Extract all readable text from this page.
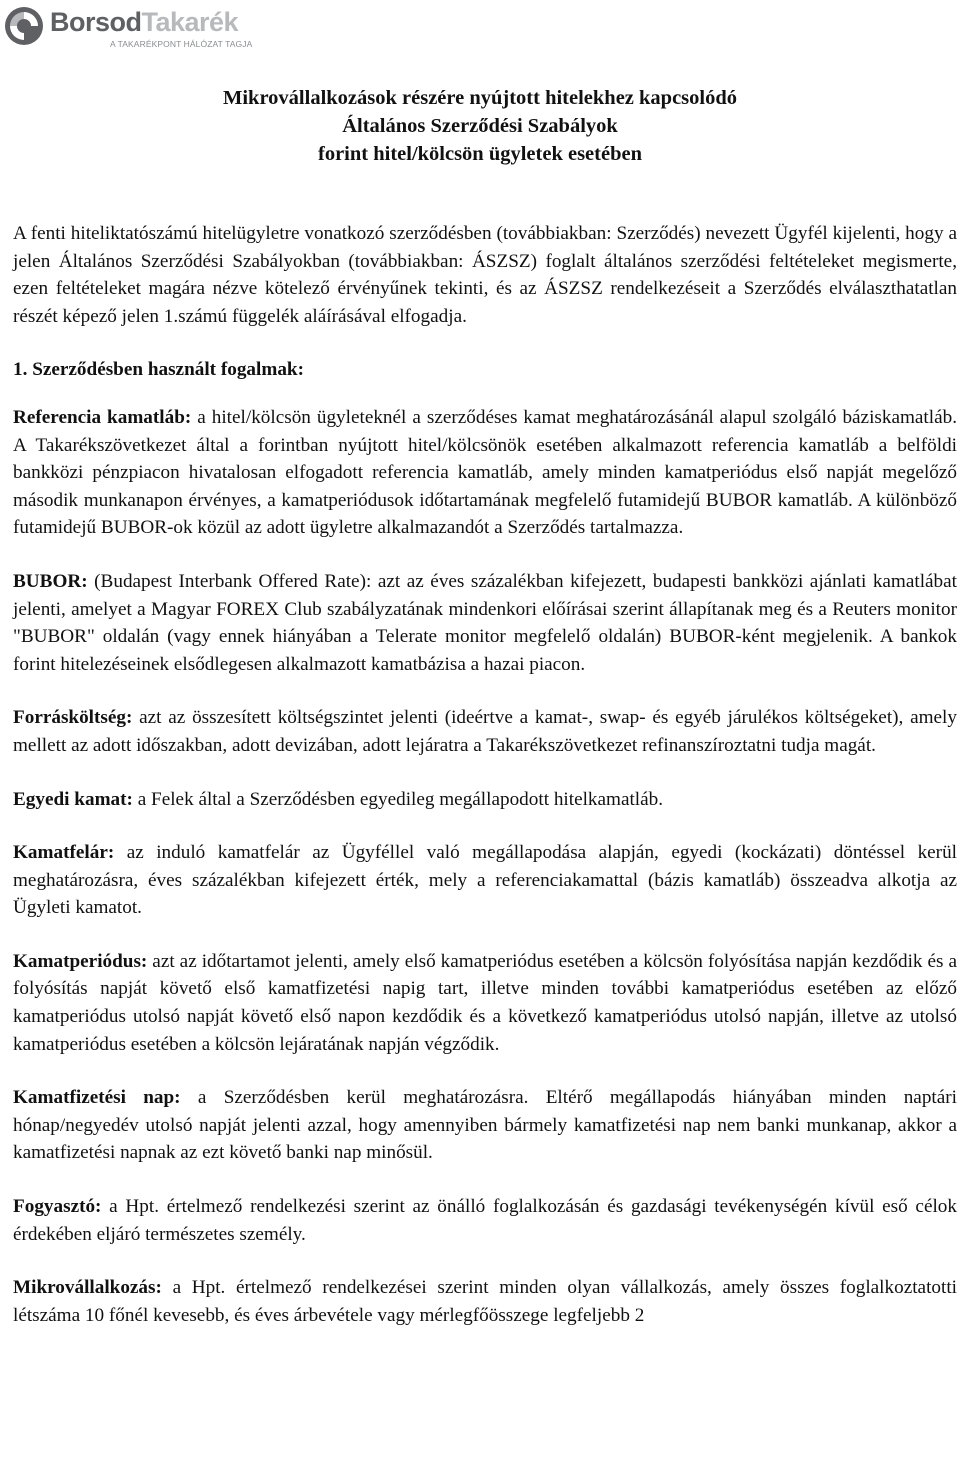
BorsodTakarék
A TAKARÉKPONT HÁLÓZAT TAGJA
Mikrovállalkozások részére nyújtott hitelekhez kapcsolódó
Általános Szerződési Szabályok
forint hitel/kölcsön ügyletek esetében

A fenti hiteliktatószámú hitelügyletre vonatkozó szerződésben (továbbiakban: Szerződés) nevezett Ügyfél kijelenti, hogy a jelen Általános Szerződési Szabályokban (továbbiakban: ÁSZSZ) foglalt általános szerződési feltételeket megismerte, ezen feltételeket magára nézve kötelező érvényűnek tekinti, és az ÁSZSZ rendelkezéseit a Szerződés elválaszthatatlan részét képező jelen 1.számú függelék aláírásával elfogadja.

1. Szerződésben használt fogalmak:

Referencia kamatláb: a hitel/kölcsön ügyleteknél a szerződéses kamat meghatározásánál alapul szolgáló báziskamatláb. A Takarékszövetkezet által a forintban nyújtott hitel/kölcsönök esetében alkalmazott referencia kamatláb a belföldi bankközi pénzpiacon hivatalosan elfogadott referencia kamatláb, amely minden kamatperiódus első napját megelőző második munkanapon érvényes, a kamatperiódusok időtartamának megfelelő futamidejű BUBOR kamatláb. A különböző futamidejű BUBOR-ok közül az adott ügyletre alkalmazandót a Szerződés tartalmazza.

BUBOR: (Budapest Interbank Offered Rate): azt az éves százalékban kifejezett, budapesti bankközi ajánlati kamatlábat jelenti, amelyet a Magyar FOREX Club szabályzatának mindenkori előírásai szerint állapítanak meg és a Reuters monitor "BUBOR" oldalán (vagy ennek hiányában a Telerate monitor megfelelő oldalán) BUBOR-ként megjelenik. A bankok forint hitelezéseinek elsődlegesen alkalmazott kamatbázisa a hazai piacon.

Forrásköltség: azt az összesített költségszintet jelenti (ideértve a kamat-, swap- és egyéb járulékos költségeket), amely mellett az adott időszakban, adott devizában, adott lejáratra a Takarékszövetkezet refinanszíroztatni tudja magát.

Egyedi kamat: a Felek által a Szerződésben egyedileg megállapodott hitelkamatláb.

Kamatfelár: az induló kamatfelár az Ügyféllel való megállapodása alapján, egyedi (kockázati) döntéssel kerül meghatározásra, éves százalékban kifejezett érték, mely a referenciakamattal (bázis kamatláb) összeadva alkotja az Ügyleti kamatot.

Kamatperiódus: azt az időtartamot jelenti, amely első kamatperiódus esetében a kölcsön folyósítása napján kezdődik és a folyósítás napját követő első kamatfizetési napig tart, illetve minden további kamatperiódus esetében az előző kamatperiódus utolsó napját követő első napon kezdődik és a következő kamatperiódus utolsó napján, illetve az utolsó kamatperiódus esetében a kölcsön lejáratának napján végződik.

Kamatfizetési nap: a Szerződésben kerül meghatározásra. Eltérő megállapodás hiányában minden naptári hónap/negyedév utolsó napját jelenti azzal, hogy amennyiben bármely kamatfizetési nap nem banki munkanap, akkor a kamatfizetési napnak az ezt követő banki nap minősül.

Fogyasztó: a Hpt. értelmező rendelkezési szerint az önálló foglalkozásán és gazdasági tevékenységén kívül eső célok érdekében eljáró természetes személy.

Mikrovállalkozás: a Hpt. értelmező rendelkezései szerint minden olyan vállalkozás, amely összes foglalkoztatotti létszáma 10 főnél kevesebb, és éves árbevétele vagy mérlegfőösszege legfeljebb 2
